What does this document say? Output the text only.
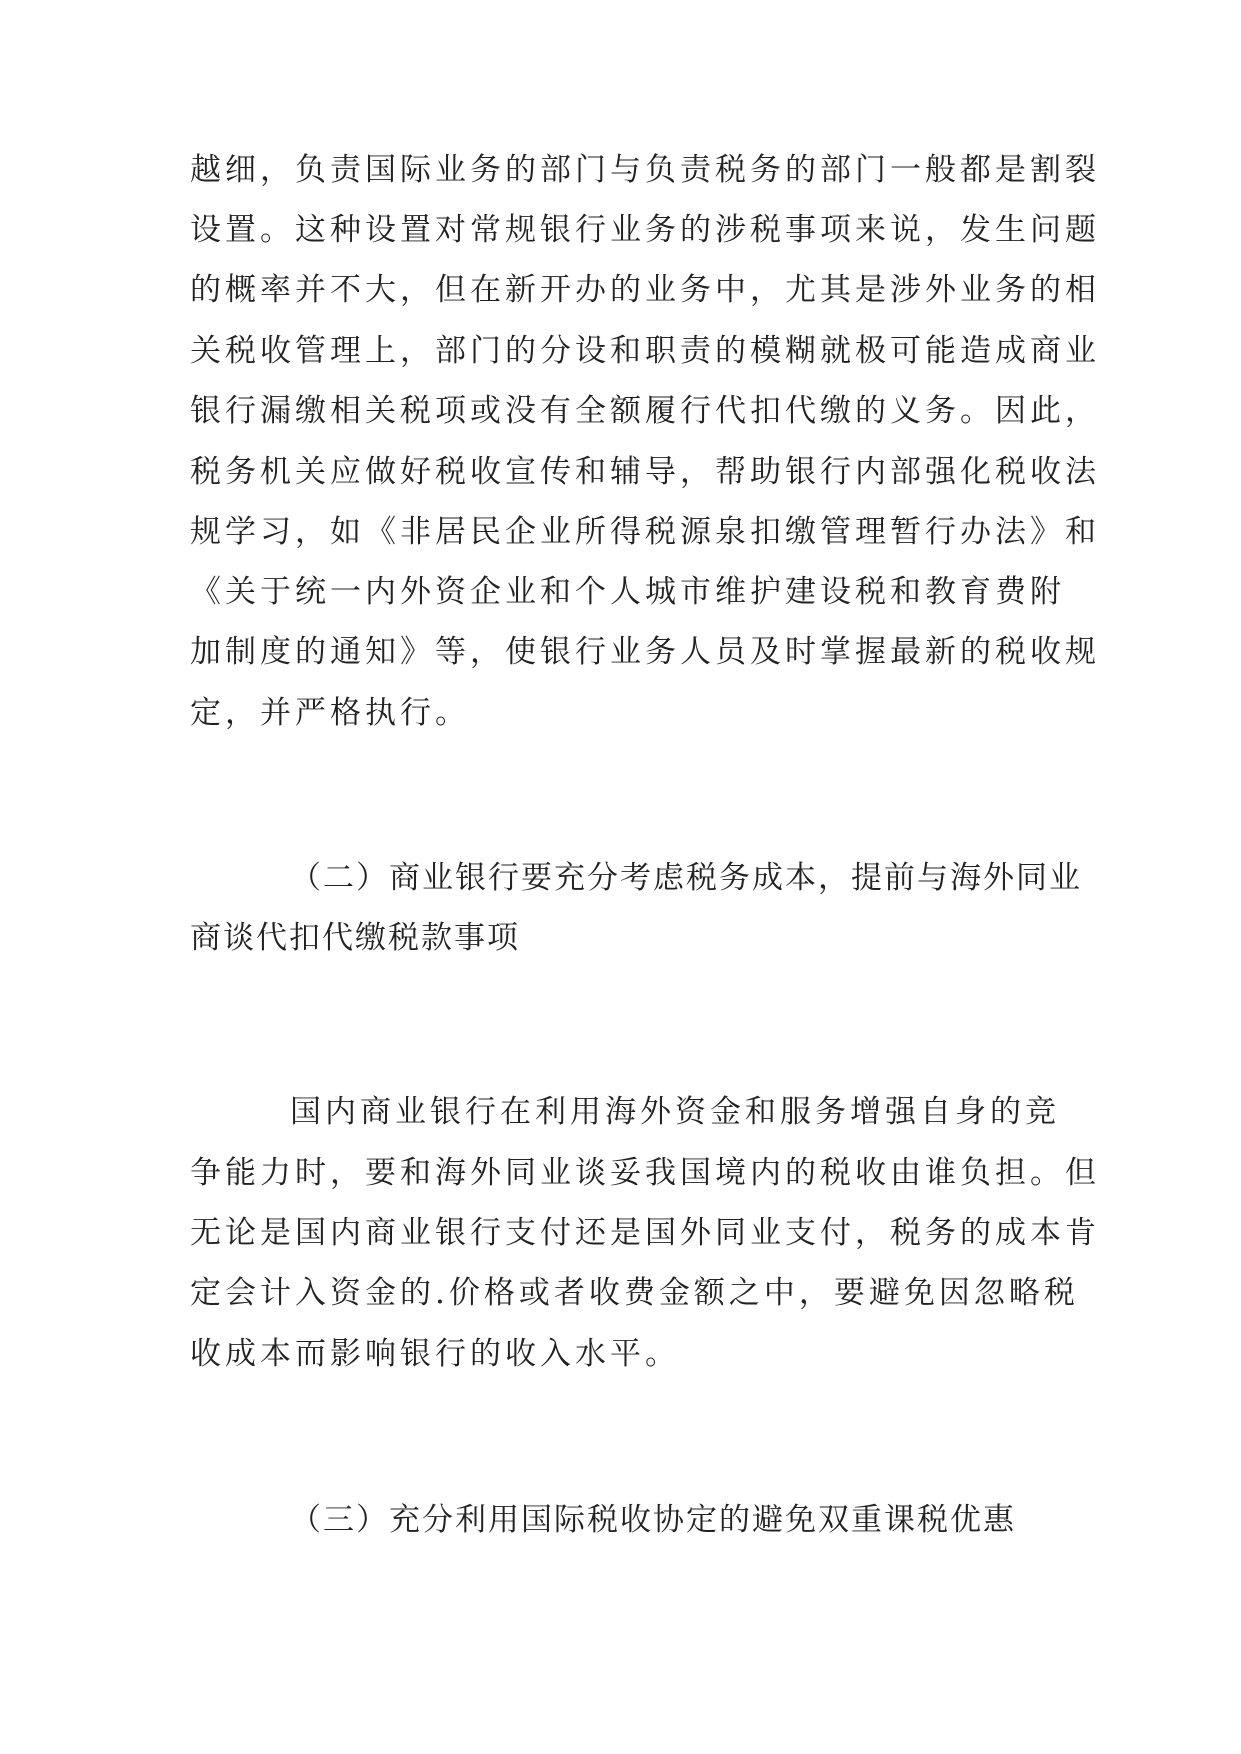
越细，负责国际业务的部门与负责税务的部门一般都是割裂
设置。这种设置对常规银行业务的涉税事项来说，发生问题
的概率并不大，但在新开办的业务中，尤其是涉外业务的相
关税收管理上，部门的分设和职责的模糊就极可能造成商业
银行漏缴相关税项或没有全额履行代扣代缴的义务。因此，
税务机关应做好税收宣传和辅导，帮助银行内部强化税收法
规学习，如《非居民企业所得税源泉扣缴管理暂行办法》和
《关于统一内外资企业和个人城市维护建设税和教育费附
加制度的通知》等，使银行业务人员及时掌握最新的税收规
定，并严格执行。
（二）商业银行要充分考虑税务成本，提前与海外同业
商谈代扣代缴税款事项
国内商业银行在利用海外资金和服务增强自身的竞
争能力时，要和海外同业谈妥我国境内的税收由谁负担。但
无论是国内商业银行支付还是国外同业支付，税务的成本肯
定会计入资金的.价格或者收费金额之中，要避免因忽略税
收成本而影响银行的收入水平。
（三）充分利用国际税收协定的避免双重课税优惠
